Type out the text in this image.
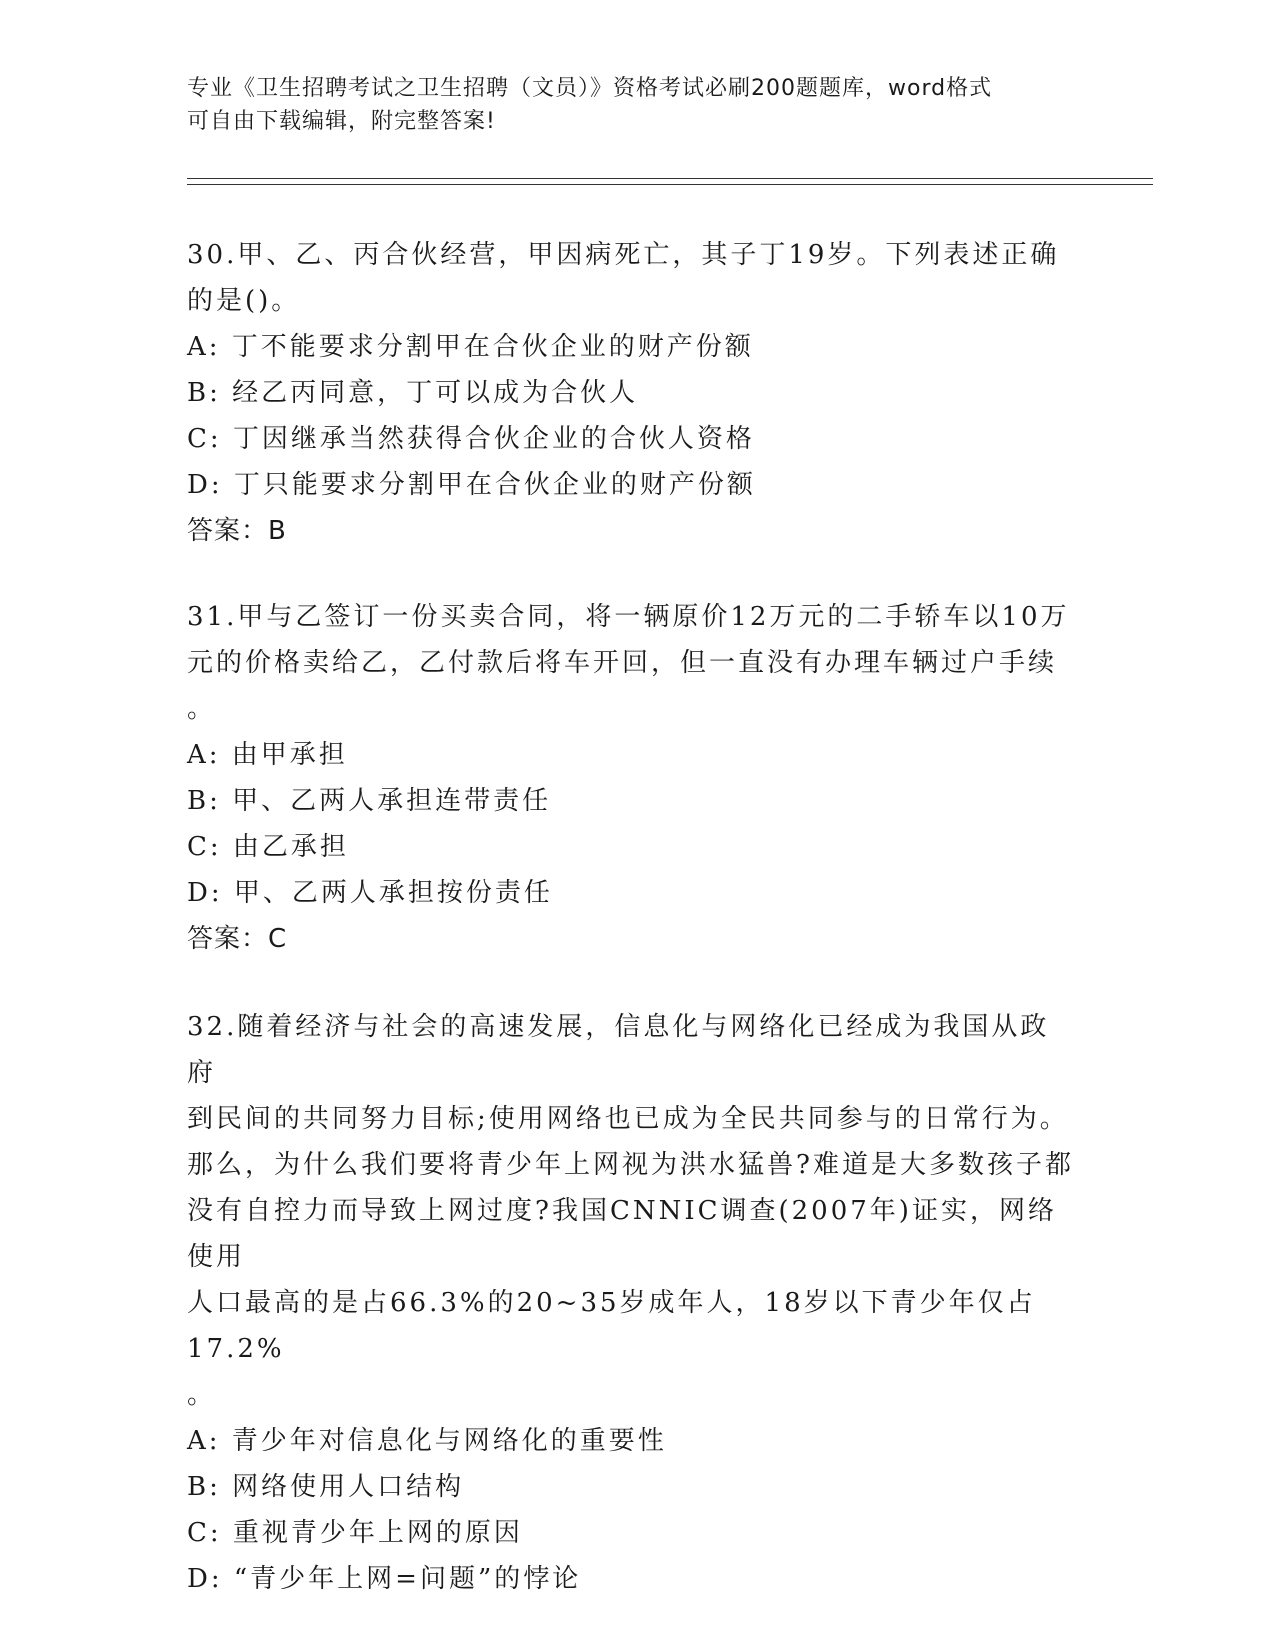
专业《卫生招聘考试之卫生招聘（文员）》资格考试必刷200题题库，word格式
可自由下载编辑，附完整答案!

30.甲、乙、丙合伙经营，甲因病死亡，其子丁19岁。下列表述正确

的是()。

A: 丁不能要求分割甲在合伙企业的财产份额

B: 经乙丙同意，丁可以成为合伙人

C: 丁因继承当然获得合伙企业的合伙人资格

D: 丁只能要求分割甲在合伙企业的财产份额

答案：B

31.甲与乙签订一份买卖合同，将一辆原价12万元的二手轿车以10万

元的价格卖给乙，乙付款后将车开回，但一直没有办理车辆过户手续

。

A: 由甲承担

B: 甲、乙两人承担连带责任

C: 由乙承担

D: 甲、乙两人承担按份责任

答案：C

32.随着经济与社会的高速发展，信息化与网络化已经成为我国从政府

到民间的共同努力目标;使用网络也已成为全民共同参与的日常行为。

那么，为什么我们要将青少年上网视为洪水猛兽?难道是大多数孩子都

没有自控力而导致上网过度?我国CNNIC调查(2007年)证实，网络使用

人口最高的是占66.3%的20~35岁成年人，18岁以下青少年仅占17.2%

。

A: 青少年对信息化与网络化的重要性

B: 网络使用人口结构

C: 重视青少年上网的原因

D: “青少年上网=问题”的悖论
